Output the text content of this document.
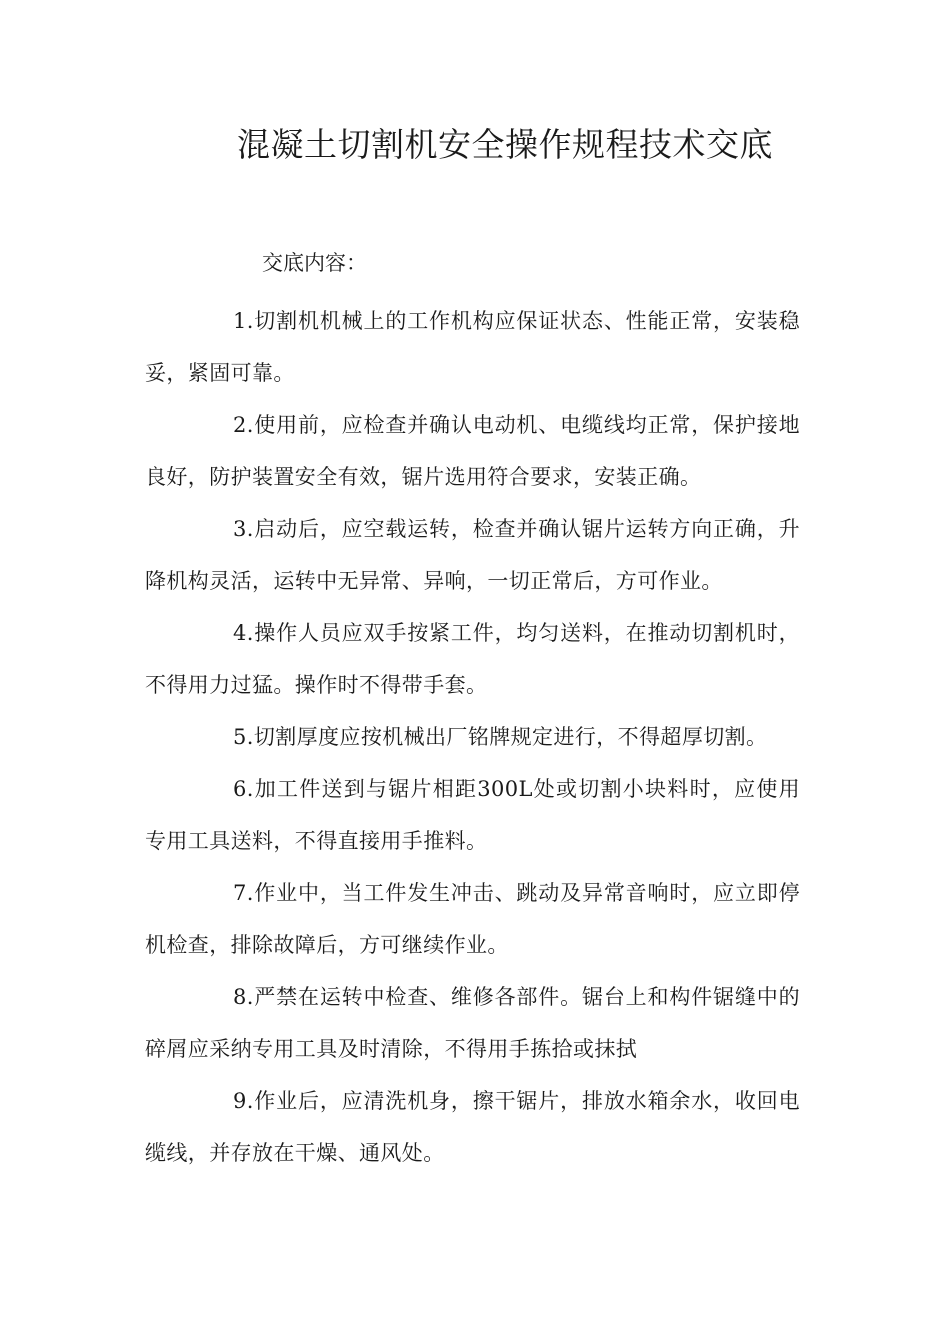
混凝土切割机安全操作规程技术交底
交底内容：

1.切割机机械上的工作机构应保证状态、性能正常，安装稳妥，紧固可靠。

2.使用前，应检查并确认电动机、电缆线均正常，保护接地良好，防护装置安全有效，锯片选用符合要求，安装正确。

3.启动后，应空载运转，检查并确认锯片运转方向正确，升降机构灵活，运转中无异常、异响，一切正常后，方可作业。

4.操作人员应双手按紧工件，均匀送料，在推动切割机时，不得用力过猛。操作时不得带手套。

5.切割厚度应按机械出厂铭牌规定进行，不得超厚切割。

6.加工件送到与锯片相距300L处或切割小块料时，应使用专用工具送料，不得直接用手推料。

7.作业中，当工件发生冲击、跳动及异常音响时，应立即停机检查，排除故障后，方可继续作业。

8.严禁在运转中检查、维修各部件。锯台上和构件锯缝中的碎屑应采纳专用工具及时清除，不得用手拣拾或抹拭

9.作业后，应清洗机身，擦干锯片，排放水箱余水，收回电缆线，并存放在干燥、通风处。
